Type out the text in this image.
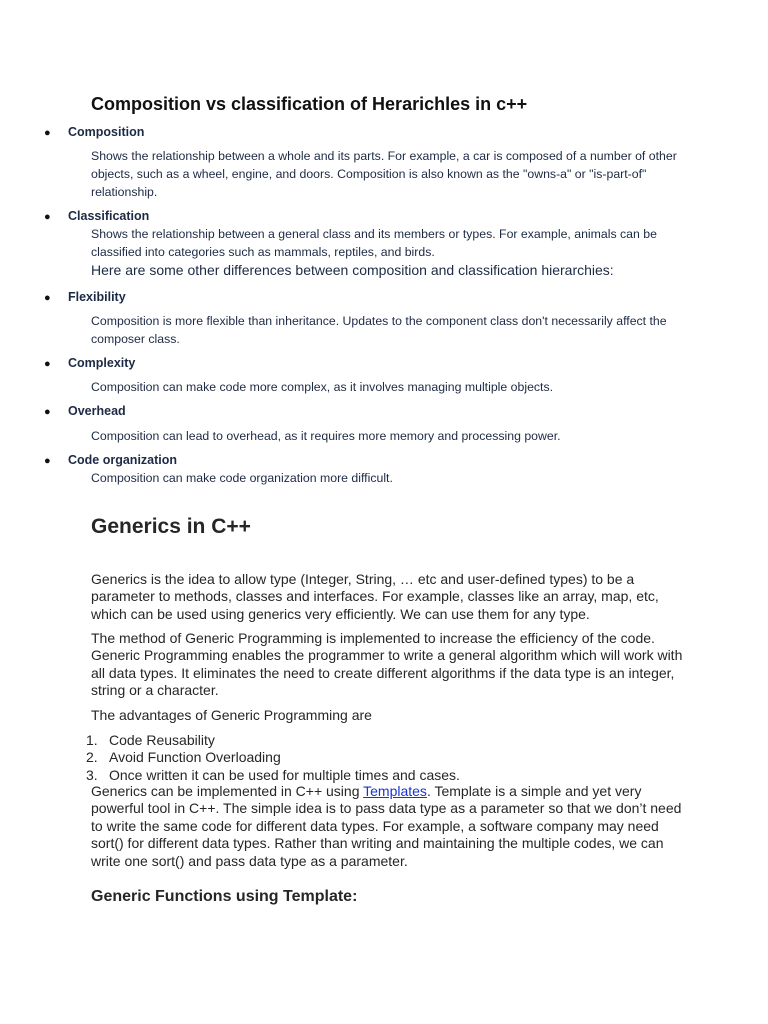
Composition vs classification of Herarichles in c++
● Composition

Shows the relationship between a whole and its parts. For example, a car is composed of a number of other objects, such as a wheel, engine, and doors. Composition is also known as the "owns-a" or "is-part-of" relationship.

● Classification

Shows the relationship between a general class and its members or types. For example, animals can be classified into categories such as mammals, reptiles, and birds.

Here are some other differences between composition and classification hierarchies:

● Flexibility

Composition is more flexible than inheritance. Updates to the component class don't necessarily affect the composer class.

● Complexity

Composition can make code more complex, as it involves managing multiple objects.

● Overhead

Composition can lead to overhead, as it requires more memory and processing power.

● Code organization

Composition can make code organization more difficult.

Generics in C++

Generics is the idea to allow type (Integer, String, … etc and user-defined types) to be a parameter to methods, classes and interfaces. For example, classes like an array, map, etc, which can be used using generics very efficiently. We can use them for any type.

The method of Generic Programming is implemented to increase the efficiency of the code. Generic Programming enables the programmer to write a general algorithm which will work with all data types. It eliminates the need to create different algorithms if the data type is an integer, string or a character.

The advantages of Generic Programming are

1. Code Reusability
2. Avoid Function Overloading
3. Once written it can be used for multiple times and cases.

Generics can be implemented in C++ using Templates. Template is a simple and yet very powerful tool in C++. The simple idea is to pass data type as a parameter so that we don’t need to write the same code for different data types. For example, a software company may need sort() for different data types. Rather than writing and maintaining the multiple codes, we can write one sort() and pass data type as a parameter.

Generic Functions using Template:
